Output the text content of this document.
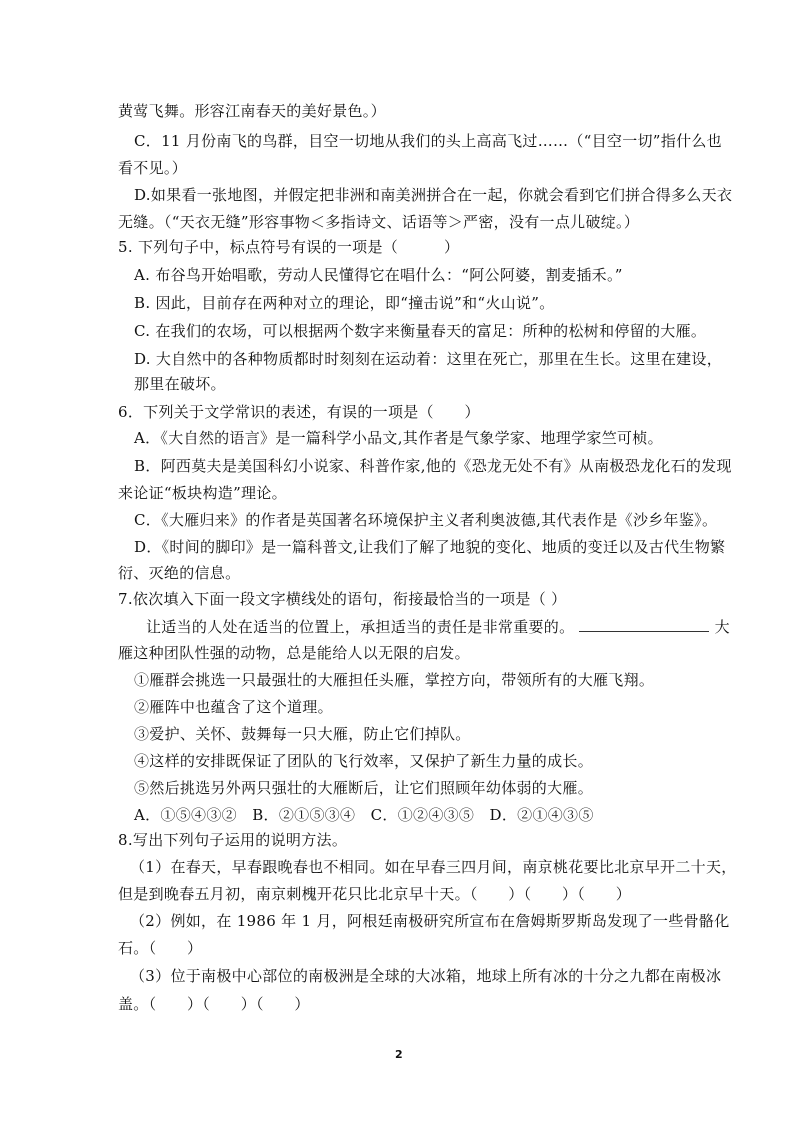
黄莺飞舞。形容江南春天的美好景色。）
C．11 月份南飞的鸟群，目空一切地从我们的头上高高飞过……（“目空一切”指什么也
看不见。）
D.如果看一张地图，并假定把非洲和南美洲拼合在一起，你就会看到它们拼合得多么天衣
无缝。（“天衣无缝”形容事物＜多指诗文、话语等＞严密，没有一点儿破绽。）
5. 下列句子中，标点符号有误的一项是（　　　）
A. 布谷鸟开始唱歌，劳动人民懂得它在唱什么：“阿公阿婆，割麦插禾。”
B. 因此，目前存在两种对立的理论，即“撞击说”和“火山说”。
C. 在我们的农场，可以根据两个数字来衡量春天的富足：所种的松树和停留的大雁。
D. 大自然中的各种物质都时时刻刻在运动着：这里在死亡，那里在生长。这里在建设，
那里在破坏。
6．下列关于文学常识的表述，有误的一项是（　　）
A．《大自然的语言》是一篇科学小品文,其作者是气象学家、地理学家竺可桢。
B．阿西莫夫是美国科幻小说家、科普作家,他的《恐龙无处不有》从南极恐龙化石的发现
来论证“板块构造”理论。
C．《大雁归来》的作者是英国著名环境保护主义者利奥波德,其代表作是《沙乡年鉴》。
D．《时间的脚印》是一篇科普文,让我们了解了地貌的变化、地质的变迁以及古代生物繁
衍、灭绝的信息。
7.依次填入下面一段文字横线处的语句，衔接最恰当的一项是（ ）
让适当的人处在适当的位置上，承担适当的责任是非常重要的。	大
雁这种团队性强的动物，总是能给人以无限的启发。
①雁群会挑选一只最强壮的大雁担任头雁，掌控方向，带领所有的大雁飞翔。
②雁阵中也蕴含了这个道理。
③爱护、关怀、鼓舞每一只大雁，防止它们掉队。
④这样的安排既保证了团队的飞行效率，又保护了新生力量的成长。
⑤然后挑选另外两只强壮的大雁断后，让它们照顾年幼体弱的大雁。
A．①⑤④③②　B．②①⑤③④　C．①②④③⑤　D．②①④③⑤
8.写出下列句子运用的说明方法。
（1）在春天，早春跟晚春也不相同。如在早春三四月间，南京桃花要比北京早开二十天，
但是到晚春五月初，南京刺槐开花只比北京早十天。（　　）（　　）（　　）
（2）例如，在 1986 年 1 月，阿根廷南极研究所宣布在詹姆斯罗斯岛发现了一些骨骼化
石。（　　）
（3）位于南极中心部位的南极洲是全球的大冰箱，地球上所有冰的十分之九都在南极冰
盖。（　　）（　　）（　　）
2
